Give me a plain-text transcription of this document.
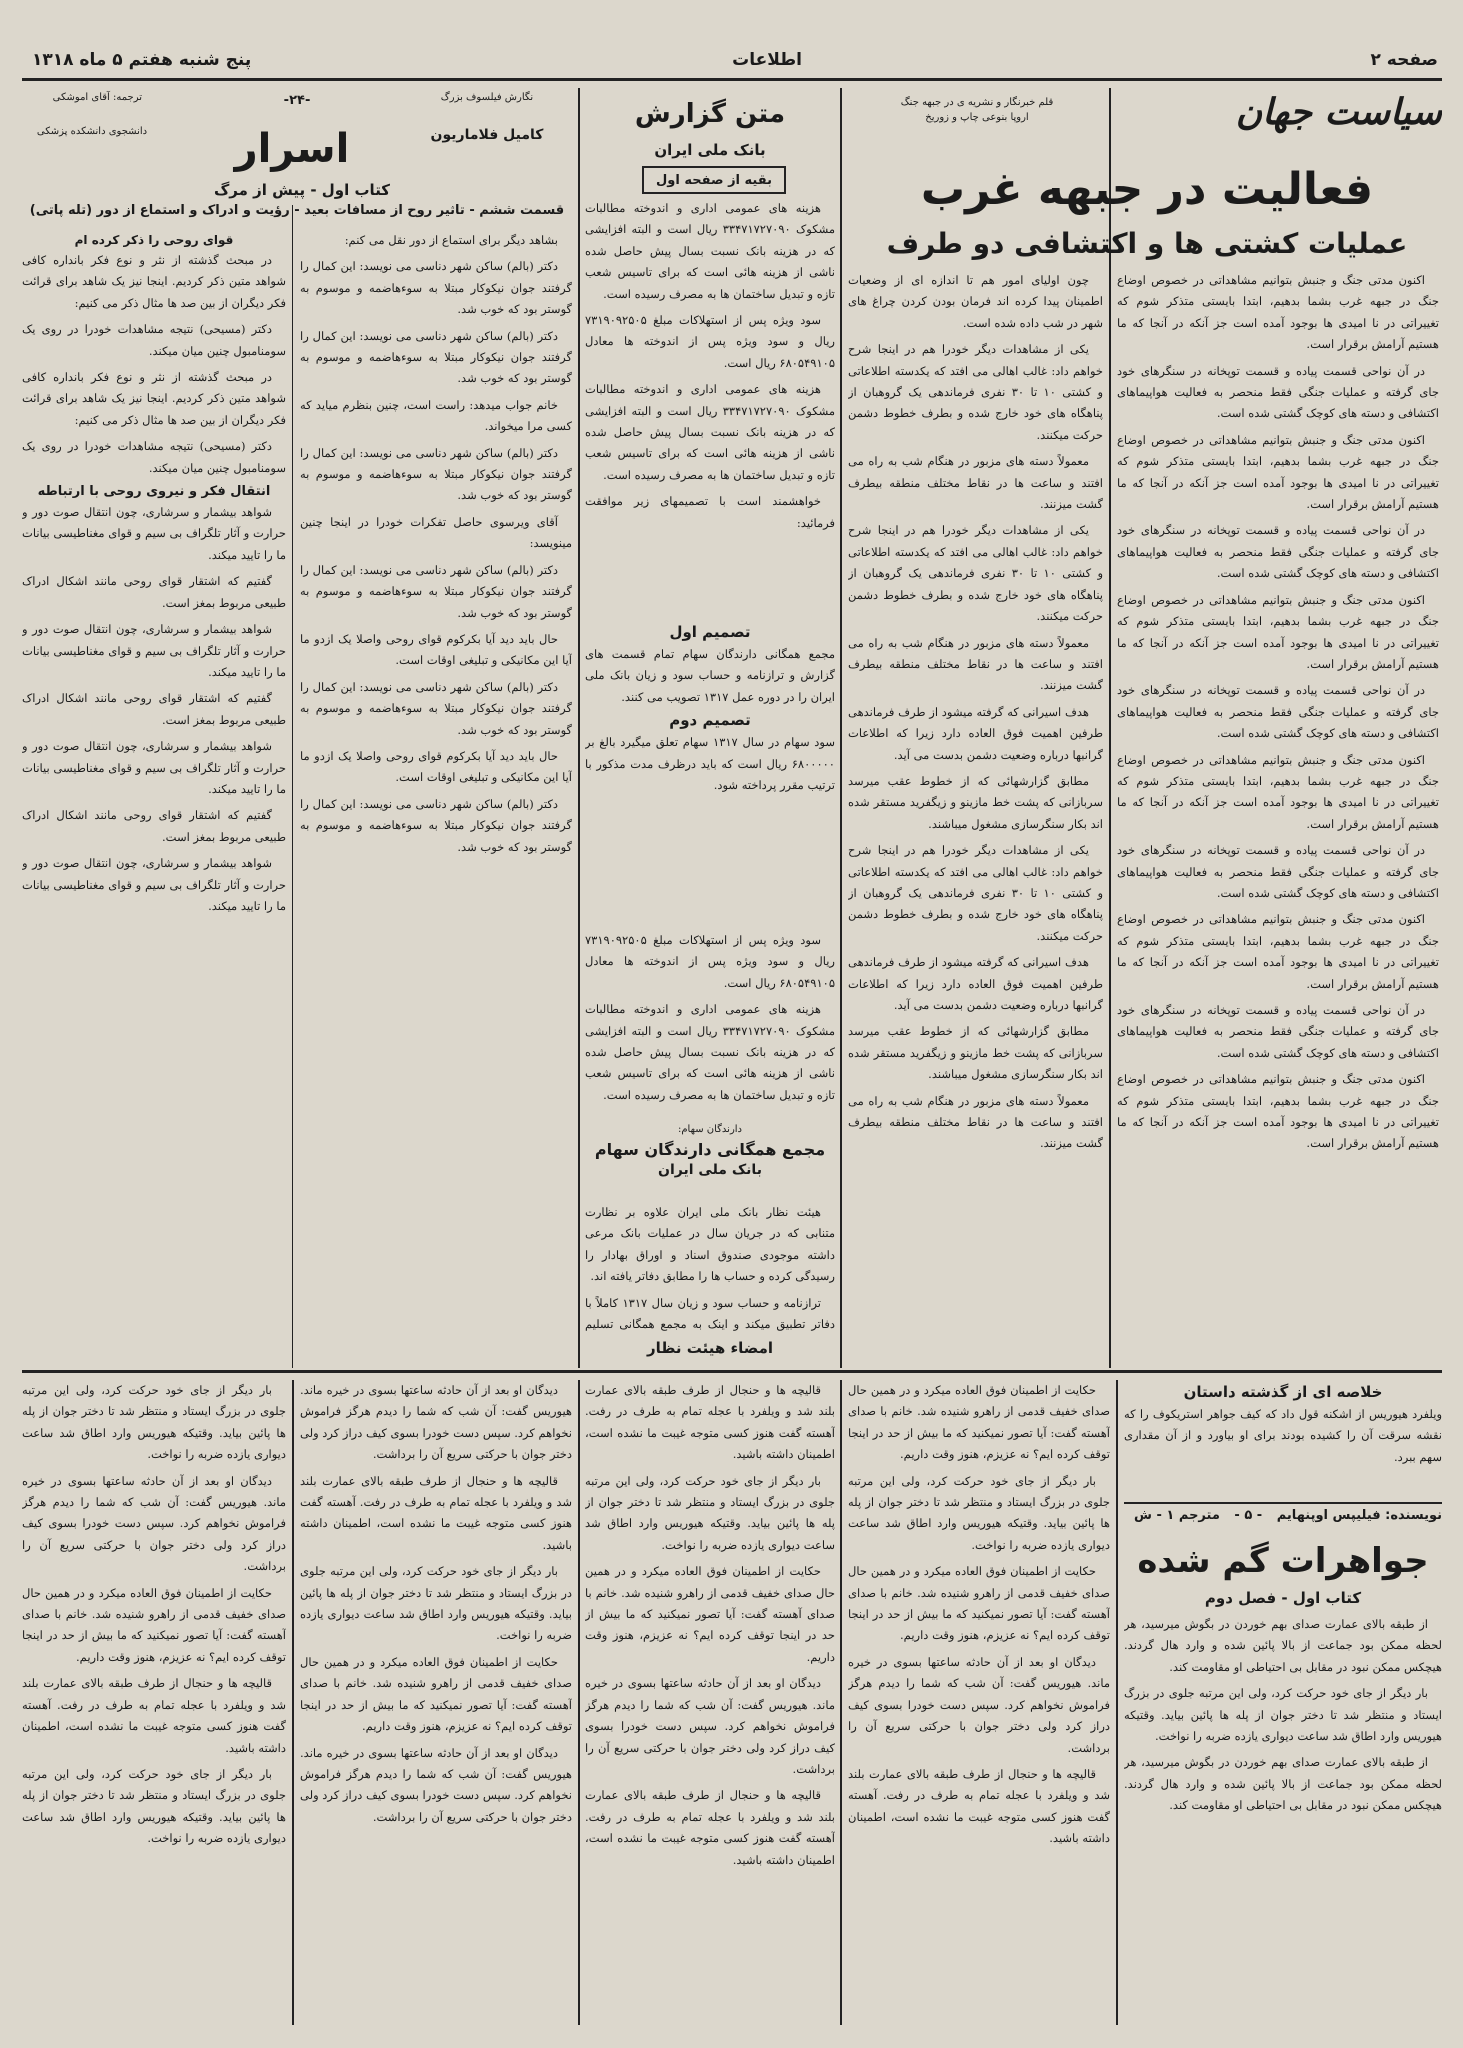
صفحه ۲
اطلاعات
پنج شنبه هفتم ۵ ماه ۱۳۱۸
سیاست جهان
قلم خبرنگار و نشریه ی در جبهه جنگ
اروپا بنوعی چاپ و زوریخ
فعالیت در جبهه غرب
عملیات کشتی ها و اکتشافی دو طرف

اکنون مدتی جنگ و جنبش بتوانیم مشاهداتی در خصوص اوضاع جنگ در جبهه غرب بشما بدهیم، ابتدا بایستی متذکر شوم که تغییراتی در نا امیدی ها بوجود آمده است جز آنکه در آنجا که ما هستیم آرامش برقرار است.

در آن نواحی قسمت پیاده و قسمت توپخانه در سنگرهای خود جای گرفته و عملیات جنگی فقط منحصر به فعالیت هواپیماهای اکتشافی و دسته های کوچک گشتی شده است.

اکنون مدتی جنگ و جنبش بتوانیم مشاهداتی در خصوص اوضاع جنگ در جبهه غرب بشما بدهیم، ابتدا بایستی متذکر شوم که تغییراتی در نا امیدی ها بوجود آمده است جز آنکه در آنجا که ما هستیم آرامش برقرار است.

در آن نواحی قسمت پیاده و قسمت توپخانه در سنگرهای خود جای گرفته و عملیات جنگی فقط منحصر به فعالیت هواپیماهای اکتشافی و دسته های کوچک گشتی شده است.

اکنون مدتی جنگ و جنبش بتوانیم مشاهداتی در خصوص اوضاع جنگ در جبهه غرب بشما بدهیم، ابتدا بایستی متذکر شوم که تغییراتی در نا امیدی ها بوجود آمده است جز آنکه در آنجا که ما هستیم آرامش برقرار است.

در آن نواحی قسمت پیاده و قسمت توپخانه در سنگرهای خود جای گرفته و عملیات جنگی فقط منحصر به فعالیت هواپیماهای اکتشافی و دسته های کوچک گشتی شده است.

اکنون مدتی جنگ و جنبش بتوانیم مشاهداتی در خصوص اوضاع جنگ در جبهه غرب بشما بدهیم، ابتدا بایستی متذکر شوم که تغییراتی در نا امیدی ها بوجود آمده است جز آنکه در آنجا که ما هستیم آرامش برقرار است.

در آن نواحی قسمت پیاده و قسمت توپخانه در سنگرهای خود جای گرفته و عملیات جنگی فقط منحصر به فعالیت هواپیماهای اکتشافی و دسته های کوچک گشتی شده است.

اکنون مدتی جنگ و جنبش بتوانیم مشاهداتی در خصوص اوضاع جنگ در جبهه غرب بشما بدهیم، ابتدا بایستی متذکر شوم که تغییراتی در نا امیدی ها بوجود آمده است جز آنکه در آنجا که ما هستیم آرامش برقرار است.

در آن نواحی قسمت پیاده و قسمت توپخانه در سنگرهای خود جای گرفته و عملیات جنگی فقط منحصر به فعالیت هواپیماهای اکتشافی و دسته های کوچک گشتی شده است.

اکنون مدتی جنگ و جنبش بتوانیم مشاهداتی در خصوص اوضاع جنگ در جبهه غرب بشما بدهیم، ابتدا بایستی متذکر شوم که تغییراتی در نا امیدی ها بوجود آمده است جز آنکه در آنجا که ما هستیم آرامش برقرار است.

چون اولیای امور هم تا اندازه ای از وضعیات اطمینان پیدا کرده اند فرمان بودن کردن چراغ های شهر در شب داده شده است.

یکی از مشاهدات دیگر خودرا هم در اینجا شرح خواهم داد: غالب اهالی می افتد که یکدسته اطلاعاتی و کشتی ۱۰ تا ۳۰ نفری فرماندهی یک گروهبان از پناهگاه های خود خارج شده و بطرف خطوط دشمن حرکت میکنند.

معمولاً دسته های مزبور در هنگام شب به راه می افتند و ساعت ها در نقاط مختلف منطقه بیطرف گشت میزنند.

یکی از مشاهدات دیگر خودرا هم در اینجا شرح خواهم داد: غالب اهالی می افتد که یکدسته اطلاعاتی و کشتی ۱۰ تا ۳۰ نفری فرماندهی یک گروهبان از پناهگاه های خود خارج شده و بطرف خطوط دشمن حرکت میکنند.

معمولاً دسته های مزبور در هنگام شب به راه می افتند و ساعت ها در نقاط مختلف منطقه بیطرف گشت میزنند.

هدف اسیرانی که گرفته میشود از طرف فرماندهی طرفین اهمیت فوق العاده دارد زیرا که اطلاعات گرانبها درباره وضعیت دشمن بدست می آید.

مطابق گزارشهائی که از خطوط عقب میرسد سربازانی که پشت خط مازینو و زیگفرید مستقر شده اند بکار سنگرسازی مشغول میباشند.

یکی از مشاهدات دیگر خودرا هم در اینجا شرح خواهم داد: غالب اهالی می افتد که یکدسته اطلاعاتی و کشتی ۱۰ تا ۳۰ نفری فرماندهی یک گروهبان از پناهگاه های خود خارج شده و بطرف خطوط دشمن حرکت میکنند.

هدف اسیرانی که گرفته میشود از طرف فرماندهی طرفین اهمیت فوق العاده دارد زیرا که اطلاعات گرانبها درباره وضعیت دشمن بدست می آید.

مطابق گزارشهائی که از خطوط عقب میرسد سربازانی که پشت خط مازینو و زیگفرید مستقر شده اند بکار سنگرسازی مشغول میباشند.

معمولاً دسته های مزبور در هنگام شب به راه می افتند و ساعت ها در نقاط مختلف منطقه بیطرف گشت میزنند.

متن گزارش
بانک ملی ایران
بقیه از صفحه اول

هزینه های عمومی اداری و اندوخته مطالبات مشکوک ۳۳۴۷۱۷۲۷۰۹۰ ریال است و البته افزایشی که در هزینه بانک نسبت بسال پیش حاصل شده ناشی از هزینه هائی است که برای تاسیس شعب تازه و تبدیل ساختمان ها به مصرف رسیده است.

سود ویژه پس از استهلاکات مبلغ ۷۳۱۹۰۹۲۵۰۵ ریال و سود ویژه پس از اندوخته ها معادل ۶۸۰۵۴۹۱۰۵ ریال است.

هزینه های عمومی اداری و اندوخته مطالبات مشکوک ۳۳۴۷۱۷۲۷۰۹۰ ریال است و البته افزایشی که در هزینه بانک نسبت بسال پیش حاصل شده ناشی از هزینه هائی است که برای تاسیس شعب تازه و تبدیل ساختمان ها به مصرف رسیده است.

خواهشمند است با تصمیمهای زیر موافقت فرمائید:

تصمیم اول
مجمع همگانی دارندگان سهام تمام قسمت های گزارش و ترازنامه و حساب سود و زیان بانک ملی ایران را در دوره عمل ۱۳۱۷ تصویب می کنند.
تصمیم دوم
سود سهام در سال ۱۳۱۷ سهام تعلق میگیرد بالغ بر ۶۸۰۰۰۰۰ ریال است که باید درظرف مدت مذکور با ترتیب مقرر پرداخته شود.

سود ویژه پس از استهلاکات مبلغ ۷۳۱۹۰۹۲۵۰۵ ریال و سود ویژه پس از اندوخته ها معادل ۶۸۰۵۴۹۱۰۵ ریال است.

هزینه های عمومی اداری و اندوخته مطالبات مشکوک ۳۳۴۷۱۷۲۷۰۹۰ ریال است و البته افزایشی که در هزینه بانک نسبت بسال پیش حاصل شده ناشی از هزینه هائی است که برای تاسیس شعب تازه و تبدیل ساختمان ها به مصرف رسیده است.

دارندگان سهام:
مجمع همگانی دارندگان سهام
بانک ملی ایران

هیئت نظار بانک ملی ایران علاوه بر نظارت متنابی که در جریان سال در عملیات بانک مرعی داشته موجودی صندوق اسناد و اوراق بهادار را رسیدگی کرده و حساب ها را مطابق دفاتر یافته اند.

ترازنامه و حساب سود و زیان سال ۱۳۱۷ کاملاً با دفاتر تطبیق میکند و اینک به مجمع همگانی تسلیم

امضاء هیئت نظار
ترجمه: آقای اموشکی	-۲۴-	نگارش فیلسوف بزرگ
کامیل فلاماریون
اسرار
دانشجوی دانشکده پزشکی
کتاب اول - پیش از مرگ
قسمت ششم - تاثیر روح از مسافات بعید - رؤیت و ادراک و استماع از دور (تله پاتی)

بشاهد دیگر برای استماع از دور نقل می کنم:

دکتر (بالم) ساکن شهر دناسی می نویسد: این کمال را گرفتند جوان نیکوکار مبتلا به سوءهاضمه و موسوم به گوستر بود که خوب شد.

دکتر (بالم) ساکن شهر دناسی می نویسد: این کمال را گرفتند جوان نیکوکار مبتلا به سوءهاضمه و موسوم به گوستر بود که خوب شد.

خانم جواب میدهد: راست است، چنین بنظرم میاید که کسی مرا میخواند.

دکتر (بالم) ساکن شهر دناسی می نویسد: این کمال را گرفتند جوان نیکوکار مبتلا به سوءهاضمه و موسوم به گوستر بود که خوب شد.

آقای ویرسوی حاصل تفکرات خودرا در اینجا چنین مینویسد:

دکتر (بالم) ساکن شهر دناسی می نویسد: این کمال را گرفتند جوان نیکوکار مبتلا به سوءهاضمه و موسوم به گوستر بود که خوب شد.

حال باید دید آیا بکرکوم قوای روحی واصلا یک ازدو ما آیا این مکانیکی و تبلیغی اوقات است.

دکتر (بالم) ساکن شهر دناسی می نویسد: این کمال را گرفتند جوان نیکوکار مبتلا به سوءهاضمه و موسوم به گوستر بود که خوب شد.

حال باید دید آیا بکرکوم قوای روحی واصلا یک ازدو ما آیا این مکانیکی و تبلیغی اوقات است.

دکتر (بالم) ساکن شهر دناسی می نویسد: این کمال را گرفتند جوان نیکوکار مبتلا به سوءهاضمه و موسوم به گوستر بود که خوب شد.

قوای روحی را ذکر کرده ام

در مبحث گذشته از نثر و نوع فکر بانداره کافی شواهد متین ذکر کردیم. اینجا نیز یک شاهد برای قرائت فکر دیگران از بین صد ها مثال ذکر می کنیم:

دکتر (مسیحی) نتیجه مشاهدات خودرا در روی یک سومنامبول چنین میان میکند.

در مبحث گذشته از نثر و نوع فکر بانداره کافی شواهد متین ذکر کردیم. اینجا نیز یک شاهد برای قرائت فکر دیگران از بین صد ها مثال ذکر می کنیم:

دکتر (مسیحی) نتیجه مشاهدات خودرا در روی یک سومنامبول چنین میان میکند.

انتقال فکر و نیروی روحی با ارتباطه

شواهد بیشمار و سرشاری، چون انتقال صوت دور و حرارت و آثار تلگراف بی سیم و قوای مغناطیسی بیانات ما را تایید میکند.

گفتیم که اشتقار قوای روحی مانند اشکال ادراک طبیعی مربوط بمغز است.

شواهد بیشمار و سرشاری، چون انتقال صوت دور و حرارت و آثار تلگراف بی سیم و قوای مغناطیسی بیانات ما را تایید میکند.

گفتیم که اشتقار قوای روحی مانند اشکال ادراک طبیعی مربوط بمغز است.

شواهد بیشمار و سرشاری، چون انتقال صوت دور و حرارت و آثار تلگراف بی سیم و قوای مغناطیسی بیانات ما را تایید میکند.

گفتیم که اشتقار قوای روحی مانند اشکال ادراک طبیعی مربوط بمغز است.

شواهد بیشمار و سرشاری، چون انتقال صوت دور و حرارت و آثار تلگراف بی سیم و قوای مغناطیسی بیانات ما را تایید میکند.

خلاصه ای از گذشته داستان
ویلفرد هیوریس از اشکنه قول داد که کیف جواهر استریکوف را که نقشه سرقت آن را کشیده بودند برای او بیاورد و از آن مقداری سهم ببرد.
نویسنده: فیلیپس اوپنهایم - ۵ - مترجم ۱ - ش
جواهرات گم شده
کتاب اول - فصل دوم

از طبقه بالای عمارت صدای بهم خوردن در بگوش میرسید، هر لحظه ممکن بود جماعت از بالا پائین شده و وارد هال گردند. هیچکس ممکن نبود در مقابل بی احتیاطی او مقاومت کند.

بار دیگر از جای خود حرکت کرد، ولی این مرتبه جلوی در بزرگ ایستاد و منتظر شد تا دختر جوان از پله ها پائین بیاید. وقتیکه هیوریس وارد اطاق شد ساعت دیواری یازده ضربه را نواخت.

از طبقه بالای عمارت صدای بهم خوردن در بگوش میرسید، هر لحظه ممکن بود جماعت از بالا پائین شده و وارد هال گردند. هیچکس ممکن نبود در مقابل بی احتیاطی او مقاومت کند.

حکایت از اطمینان فوق العاده میکرد و در همین حال صدای خفیف قدمی از راهرو شنیده شد. خانم با صدای آهسته گفت: آیا تصور نمیکنید که ما بیش از حد در اینجا توقف کرده ایم؟ نه عزیزم، هنوز وقت داریم.

بار دیگر از جای خود حرکت کرد، ولی این مرتبه جلوی در بزرگ ایستاد و منتظر شد تا دختر جوان از پله ها پائین بیاید. وقتیکه هیوریس وارد اطاق شد ساعت دیواری یازده ضربه را نواخت.

حکایت از اطمینان فوق العاده میکرد و در همین حال صدای خفیف قدمی از راهرو شنیده شد. خانم با صدای آهسته گفت: آیا تصور نمیکنید که ما بیش از حد در اینجا توقف کرده ایم؟ نه عزیزم، هنوز وقت داریم.

دیدگان او بعد از آن حادثه ساعتها بسوی در خیره ماند. هیوریس گفت: آن شب که شما را دیدم هرگز فراموش نخواهم کرد. سپس دست خودرا بسوی کیف دراز کرد ولی دختر جوان با حرکتی سریع آن را برداشت.

قالیچه ها و حنجال از طرف طبقه بالای عمارت بلند شد و ویلفرد با عجله تمام به طرف در رفت. آهسته گفت هنوز کسی متوجه غیبت ما نشده است، اطمینان داشته باشید.

قالیچه ها و حنجال از طرف طبقه بالای عمارت بلند شد و ویلفرد با عجله تمام به طرف در رفت. آهسته گفت هنوز کسی متوجه غیبت ما نشده است، اطمینان داشته باشید.

بار دیگر از جای خود حرکت کرد، ولی این مرتبه جلوی در بزرگ ایستاد و منتظر شد تا دختر جوان از پله ها پائین بیاید. وقتیکه هیوریس وارد اطاق شد ساعت دیواری یازده ضربه را نواخت.

حکایت از اطمینان فوق العاده میکرد و در همین حال صدای خفیف قدمی از راهرو شنیده شد. خانم با صدای آهسته گفت: آیا تصور نمیکنید که ما بیش از حد در اینجا توقف کرده ایم؟ نه عزیزم، هنوز وقت داریم.

دیدگان او بعد از آن حادثه ساعتها بسوی در خیره ماند. هیوریس گفت: آن شب که شما را دیدم هرگز فراموش نخواهم کرد. سپس دست خودرا بسوی کیف دراز کرد ولی دختر جوان با حرکتی سریع آن را برداشت.

قالیچه ها و حنجال از طرف طبقه بالای عمارت بلند شد و ویلفرد با عجله تمام به طرف در رفت. آهسته گفت هنوز کسی متوجه غیبت ما نشده است، اطمینان داشته باشید.

دیدگان او بعد از آن حادثه ساعتها بسوی در خیره ماند. هیوریس گفت: آن شب که شما را دیدم هرگز فراموش نخواهم کرد. سپس دست خودرا بسوی کیف دراز کرد ولی دختر جوان با حرکتی سریع آن را برداشت.

قالیچه ها و حنجال از طرف طبقه بالای عمارت بلند شد و ویلفرد با عجله تمام به طرف در رفت. آهسته گفت هنوز کسی متوجه غیبت ما نشده است، اطمینان داشته باشید.

بار دیگر از جای خود حرکت کرد، ولی این مرتبه جلوی در بزرگ ایستاد و منتظر شد تا دختر جوان از پله ها پائین بیاید. وقتیکه هیوریس وارد اطاق شد ساعت دیواری یازده ضربه را نواخت.

حکایت از اطمینان فوق العاده میکرد و در همین حال صدای خفیف قدمی از راهرو شنیده شد. خانم با صدای آهسته گفت: آیا تصور نمیکنید که ما بیش از حد در اینجا توقف کرده ایم؟ نه عزیزم، هنوز وقت داریم.

دیدگان او بعد از آن حادثه ساعتها بسوی در خیره ماند. هیوریس گفت: آن شب که شما را دیدم هرگز فراموش نخواهم کرد. سپس دست خودرا بسوی کیف دراز کرد ولی دختر جوان با حرکتی سریع آن را برداشت.

بار دیگر از جای خود حرکت کرد، ولی این مرتبه جلوی در بزرگ ایستاد و منتظر شد تا دختر جوان از پله ها پائین بیاید. وقتیکه هیوریس وارد اطاق شد ساعت دیواری یازده ضربه را نواخت.

دیدگان او بعد از آن حادثه ساعتها بسوی در خیره ماند. هیوریس گفت: آن شب که شما را دیدم هرگز فراموش نخواهم کرد. سپس دست خودرا بسوی کیف دراز کرد ولی دختر جوان با حرکتی سریع آن را برداشت.

حکایت از اطمینان فوق العاده میکرد و در همین حال صدای خفیف قدمی از راهرو شنیده شد. خانم با صدای آهسته گفت: آیا تصور نمیکنید که ما بیش از حد در اینجا توقف کرده ایم؟ نه عزیزم، هنوز وقت داریم.

قالیچه ها و حنجال از طرف طبقه بالای عمارت بلند شد و ویلفرد با عجله تمام به طرف در رفت. آهسته گفت هنوز کسی متوجه غیبت ما نشده است، اطمینان داشته باشید.

بار دیگر از جای خود حرکت کرد، ولی این مرتبه جلوی در بزرگ ایستاد و منتظر شد تا دختر جوان از پله ها پائین بیاید. وقتیکه هیوریس وارد اطاق شد ساعت دیواری یازده ضربه را نواخت.
